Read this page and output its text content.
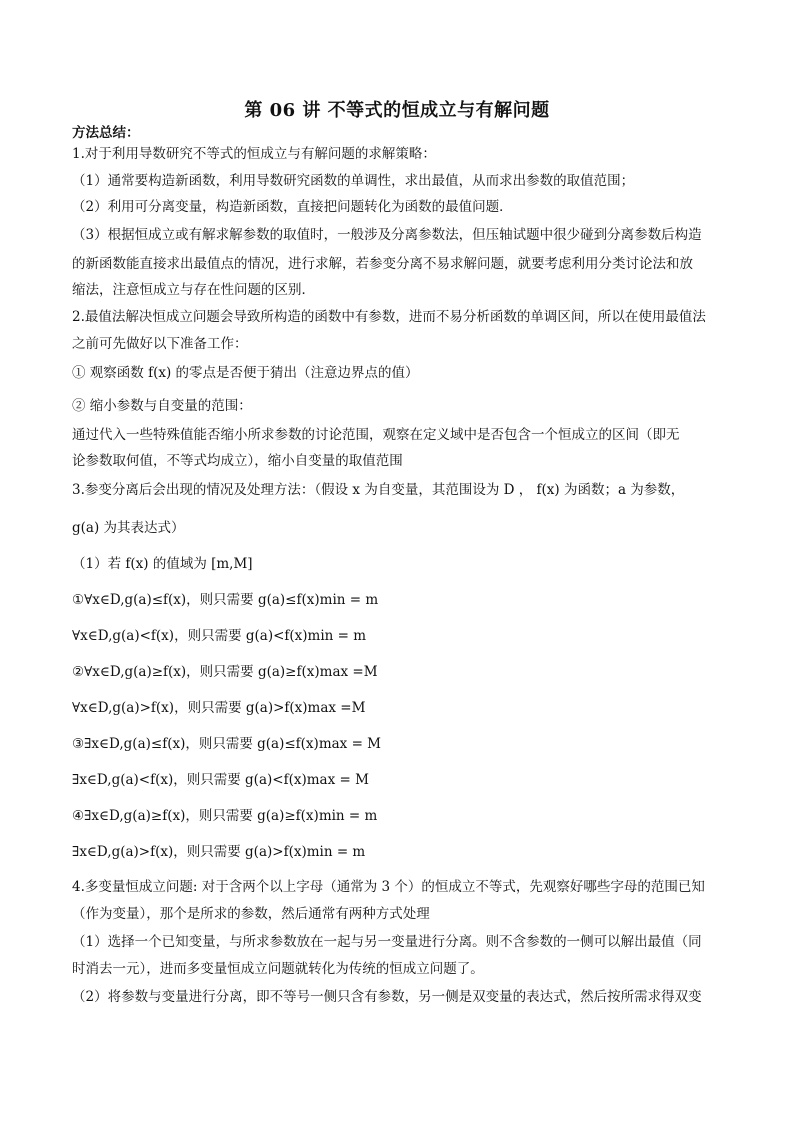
第 06 讲 不等式的恒成立与有解问题
方法总结：
1.对于利用导数研究不等式的恒成立与有解问题的求解策略：
（1）通常要构造新函数，利用导数研究函数的单调性，求出最值，从而求出参数的取值范围；
（2）利用可分离变量，构造新函数，直接把问题转化为函数的最值问题．
（3）根据恒成立或有解求解参数的取值时，一般涉及分离参数法，但压轴试题中很少碰到分离参数后构造
的新函数能直接求出最值点的情况，进行求解，若参变分离不易求解问题，就要考虑利用分类讨论法和放
缩法，注意恒成立与存在性问题的区别．
2.最值法解决恒成立问题会导致所构造的函数中有参数，进而不易分析函数的单调区间，所以在使用最值法
之前可先做好以下准备工作：
① 观察函数 f(x) 的零点是否便于猜出（注意边界点的值）
② 缩小参数与自变量的范围：
通过代入一些特殊值能否缩小所求参数的讨论范围，观察在定义域中是否包含一个恒成立的区间（即无
论参数取何值，不等式均成立），缩小自变量的取值范围
3.参变分离后会出现的情况及处理方法：（假设 x 为自变量，其范围设为 D ， f(x) 为函数；a 为参数，
g(a) 为其表达式）
（1）若 f(x) 的值域为 [m,M]
①∀x∈D,g(a)≤f(x)，则只需要 g(a)≤f(x)min = m
∀x∈D,g(a)<f(x)，则只需要 g(a)<f(x)min = m
②∀x∈D,g(a)≥f(x)，则只需要 g(a)≥f(x)max =M
∀x∈D,g(a)>f(x)，则只需要 g(a)>f(x)max =M
③∃x∈D,g(a)≤f(x)，则只需要 g(a)≤f(x)max = M
∃x∈D,g(a)<f(x)，则只需要 g(a)<f(x)max = M
④∃x∈D,g(a)≥f(x)，则只需要 g(a)≥f(x)min = m
∃x∈D,g(a)>f(x)，则只需要 g(a)>f(x)min = m
4.多变量恒成立问题: 对于含两个以上字母（通常为 3 个）的恒成立不等式，先观察好哪些字母的范围已知
（作为变量），那个是所求的参数，然后通常有两种方式处理
（1）选择一个已知变量，与所求参数放在一起与另一变量进行分离。则不含参数的一侧可以解出最值（同
时消去一元），进而多变量恒成立问题就转化为传统的恒成立问题了。
（2）将参数与变量进行分离，即不等号一侧只含有参数，另一侧是双变量的表达式，然后按所需求得双变
